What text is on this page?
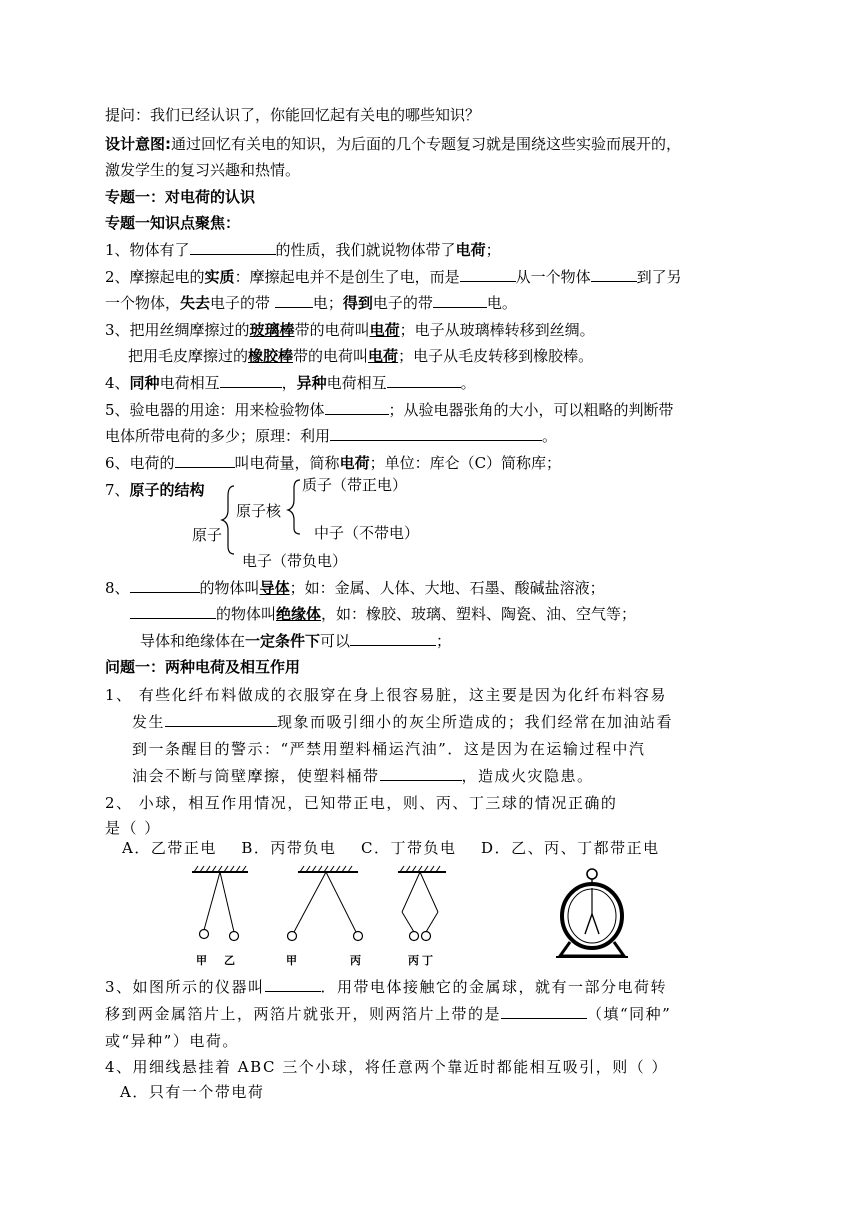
提问：我们已经认识了，你能回忆起有关电的哪些知识？
设计意图:通过回忆有关电的知识，为后面的几个专题复习就是围绕这些实验而展开的，
激发学生的复习兴趣和热情。
专题一：对电荷的认识
专题一知识点聚焦：
1、物体有了	的性质，我们就说物体带了电荷；
2、摩擦起电的实质：摩擦起电并不是创生了电，而是	从一个物体	到了另
一个物体，失去电子的带	电；得到电子的带	电。
3、把用丝绸摩擦过的玻璃棒带的电荷叫电荷；电子从玻璃棒转移到丝绸。
把用毛皮摩擦过的橡胶棒带的电荷叫电荷；电子从毛皮转移到橡胶棒。
4、同种电荷相互	，异种电荷相互	。
5、验电器的用途：用来检验物体	；从验电器张角的大小，可以粗略的判断带
电体所带电荷的多少；原理：利用	。
6、电荷的	叫电荷量，简称电荷；单位：库仑（C）简称库；
7、原子的结构	质子（带正电）
原子核
中子（不带电）
原子
电子（带负电）
8、	的物体叫导体；如：金属、人体、大地、石墨、酸碱盐溶液；
的物体叫绝缘体，如：橡胶、玻璃、塑料、陶瓷、油、空气等；
导体和绝缘体在一定条件下可以	；
问题一：两种电荷及相互作用
1、 有些化纤布料做成的衣服穿在身上很容易脏，这主要是因为化纤布料容易
发生	现象而吸引细小的灰尘所造成的；我们经常在加油站看
到一条醒目的警示：“严禁用塑料桶运汽油”．这是因为在运输过程中汽
油会不断与筒壁摩擦，使塑料桶带	，造成火灾隐患。
2、 小球，相互作用情况，已知带正电，则、丙、丁三球的情况正确的
是（ ）
A．乙带正电 B．丙带负电 C．丁带负电 D．乙、丙、丁都带正电
甲 乙	甲	丙	丙 丁
3、如图所示的仪器叫	．用带电体接触它的金属球，就有一部分电荷转
移到两金属箔片上，两箔片就张开，则两箔片上带的是	（填“同种”
或“异种”）电荷。
4、用细线悬挂着 ABC 三个小球，将任意两个靠近时都能相互吸引，则（ ）
A．只有一个带电荷
